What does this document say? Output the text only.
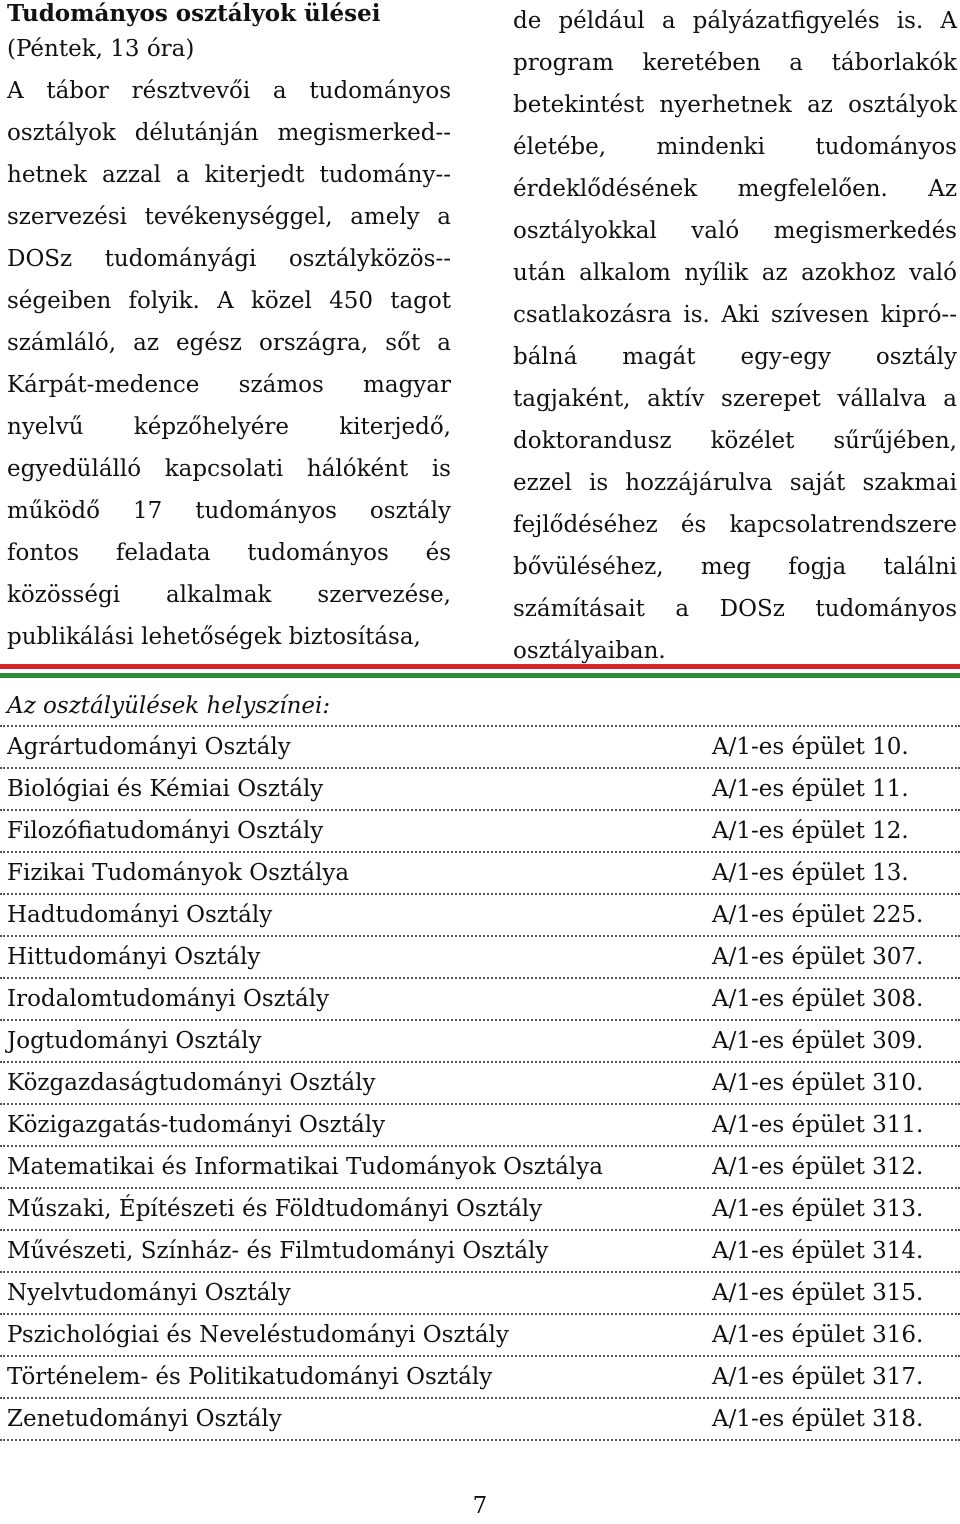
Tudományos osztályok ülései

(Péntek, 13 óra)

A tábor résztvevői a tudományos osztályok délutánján megismerked-hetnek azzal a kiterjedt tudomány-szervezési tevékenységgel, amely a DOSz tudományági osztályközös-ségeiben folyik. A közel 450 tagot számláló, az egész országra, sőt a Kárpát-medence számos magyar nyelvű képzőhelyére kiterjedő, egyedülálló kapcsolati hálóként is működő 17 tudományos osztály fontos feladata tudományos és közösségi alkalmak szervezése, publikálási lehetőségek biztosítása,

de például a pályázatfigyelés is. A program keretében a táborlakók betekintést nyerhetnek az osztályok életébe, mindenki tudományos érdeklődésének megfelelően. Az osztályokkal való megismerkedés után alkalom nyílik az azokhoz való csatlakozásra is. Aki szívesen kipró-bálná magát egy-egy osztály tagjaként, aktív szerepet vállalva a doktorandusz közélet sűrűjében, ezzel is hozzájárulva saját szakmai fejlődéséhez és kapcsolatrendszere bővüléséhez, meg fogja találni számításait a DOSz tudományos osztályaiban.

Az osztályülések helyszínei:
Agrártudományi Osztály	A/1-es épület 10.
Biológiai és Kémiai Osztály	A/1-es épület 11.
Filozófiatudományi Osztály	A/1-es épület 12.
Fizikai Tudományok Osztálya	A/1-es épület 13.
Hadtudományi Osztály	A/1-es épület 225.
Hittudományi Osztály	A/1-es épület 307.
Irodalomtudományi Osztály	A/1-es épület 308.
Jogtudományi Osztály	A/1-es épület 309.
Közgazdaságtudományi Osztály	A/1-es épület 310.
Közigazgatás-tudományi Osztály	A/1-es épület 311.
Matematikai és Informatikai Tudományok Osztálya	A/1-es épület 312.
Műszaki, Építészeti és Földtudományi Osztály	A/1-es épület 313.
Művészeti, Színház- és Filmtudományi Osztály	A/1-es épület 314.
Nyelvtudományi Osztály	A/1-es épület 315.
Pszichológiai és Neveléstudományi Osztály	A/1-es épület 316.
Történelem- és Politikatudományi Osztály	A/1-es épület 317.
Zenetudományi Osztály	A/1-es épület 318.
7
